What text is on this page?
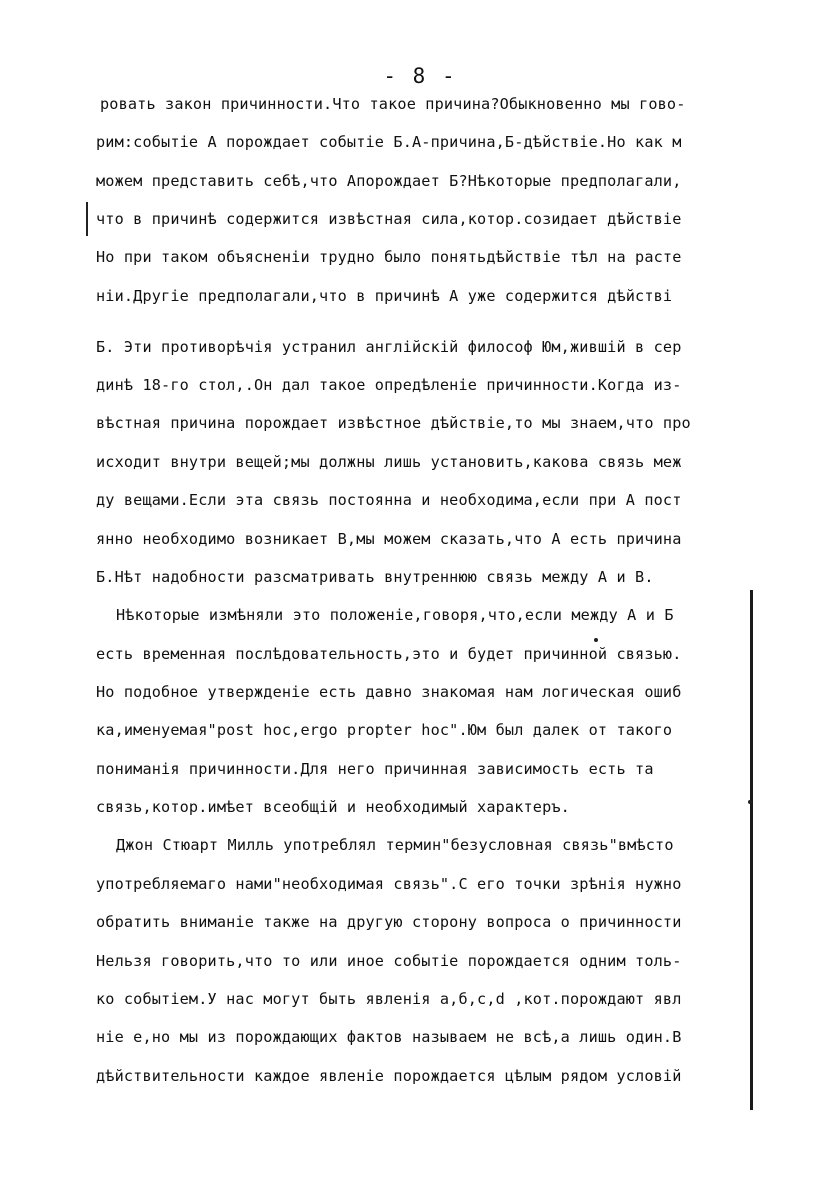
- 8 -
ровать закон причинности.Что такое причина?Обыкновенно мы гово-
рим:событіе А порождает событіе Б.А-причина,Б-дѣйствіе.Но как м
можем представить себѣ,что Апорождает Б?Нѣкоторые предполагали,
что в причинѣ содержится извѣстная сила,котор.созидает дѣйствіе
Но при таком объясненіи трудно было понятьдѣйствіе тѣл на расте
ніи.Другіе предполагали,что в причинѣ А уже содержится дѣйстві
Б. Эти противорѣчія устранил англійскій философ Юм,жившій в сер
динѣ 18-го стол,.Он дал такое опредѣленіе причинности.Когда из-
вѣстная причина порождает извѣстное дѣйствіе,то мы знаем,что про
исходит внутри вещей;мы должны лишь установить,какова связь меж
ду вещами.Если эта связь постоянна и необходима,если при А пост
янно необходимо возникает В,мы можем сказать,что А есть причина
Б.Нѣт надобности разсматривать внутреннюю связь между А и В.
Нѣкоторые измѣняли это положеніе,говоря,что,если между А и Б
есть временная послѣдовательность,это и будет причинной связью.
Но подобное утвержденіе есть давно знакомая нам логическая ошиб
ка,именуемая"post hoc,ergo propter hoc".Юм был далек от такого
пониманія причинности.Для него причинная зависимость есть та
связь,котор.имѣет всеобщій и необходимый характеръ.
Джон Стюарт Милль употреблял термин"безусловная связь"вмѣсто
употребляемаго нами"необходимая связь".С его точки зрѣнія нужно
обратить вниманіе также на другую сторону вопроса о причинности
Нельзя говорить,что то или иное событіе порождается одним толь-
ко событіем.У нас могут быть явленія а,б,с,d ,кот.порождают явл
ніе е,но мы из порождающих фактов называем не всѣ,а лишь один.В
дѣйствительности каждое явленіе порождается цѣлым рядом условій
